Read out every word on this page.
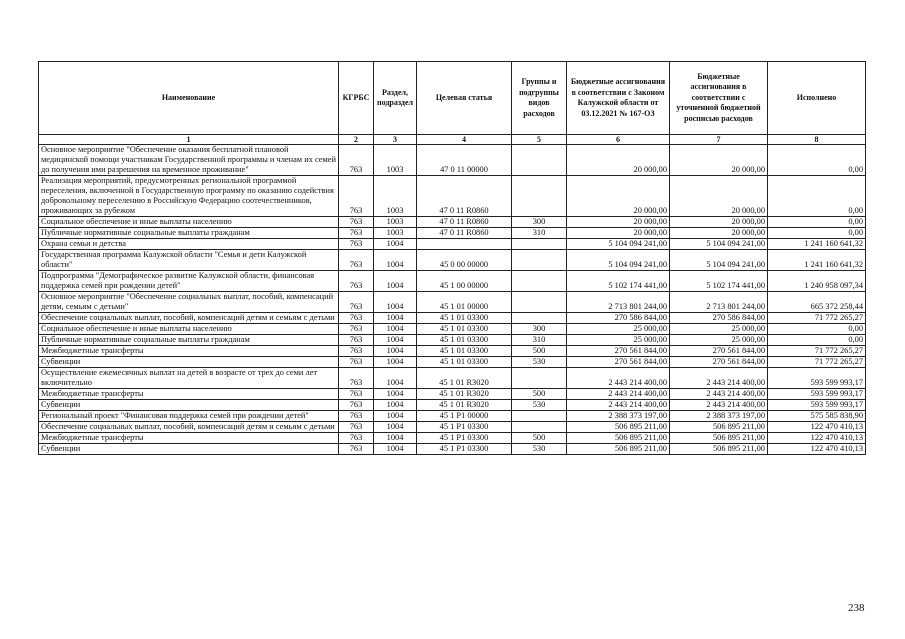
Наименование	КГРБС	Раздел, подраздел	Целевая статья	Группы и подгруппы видов расходов	Бюджетные ассигнования в соответствии с Законом Калужской области от 03.12.2021 № 167-ОЗ	Бюджетные ассигнования в соответствии с уточненной бюджетной росписью расходов	Исполнено
1	2	3	4	5	6	7	8
Основное мероприятие "Обеспечение оказания бесплатной плановой медицинской помощи участникам Государственной программы и членам их семей до получения ими разрешения на временное проживание"	763	1003	47 0 11 00000		20 000,00	20 000,00	0,00
Реализация мероприятий, предусмотренных региональной программой переселения, включенной в Государственную программу по оказанию содействия добровольному переселению в Российскую Федерацию соотечественников, проживающих за рубежом	763	1003	47 0 11 R0860		20 000,00	20 000,00	0,00
Социальное обеспечение и иные выплаты населению	763	1003	47 0 11 R0860	300	20 000,00	20 000,00	0,00
Публичные нормативные социальные выплаты гражданам	763	1003	47 0 11 R0860	310	20 000,00	20 000,00	0,00
Охрана семьи и детства	763	1004			5 104 094 241,00	5 104 094 241,00	1 241 160 641,32
Государственная программа Калужской области "Семья и дети Калужской области"	763	1004	45 0 00 00000		5 104 094 241,00	5 104 094 241,00	1 241 160 641,32
Подпрограмма "Демографическое развитие Калужской области, финансовая поддержка семей при рождении детей"	763	1004	45 1 00 00000		5 102 174 441,00	5 102 174 441,00	1 240 958 097,34
Основное мероприятие "Обеспечение социальных выплат, пособий, компенсаций детям, семьям с детьми"	763	1004	45 1 01 00000		2 713 801 244,00	2 713 801 244,00	665 372 258,44
Обеспечение социальных выплат, пособий, компенсаций детям и семьям с детьми	763	1004	45 1 01 03300		270 586 844,00	270 586 844,00	71 772 265,27
Социальное обеспечение и иные выплаты населению	763	1004	45 1 01 03300	300	25 000,00	25 000,00	0,00
Публичные нормативные социальные выплаты гражданам	763	1004	45 1 01 03300	310	25 000,00	25 000,00	0,00
Межбюджетные трансферты	763	1004	45 1 01 03300	500	270 561 844,00	270 561 844,00	71 772 265,27
Субвенции	763	1004	45 1 01 03300	530	270 561 844,00	270 561 844,00	71 772 265,27
Осуществление ежемесячных выплат на детей в возрасте от трех до семи лет включительно	763	1004	45 1 01 R3020		2 443 214 400,00	2 443 214 400,00	593 599 993,17
Межбюджетные трансферты	763	1004	45 1 01 R3020	500	2 443 214 400,00	2 443 214 400,00	593 599 993,17
Субвенции	763	1004	45 1 01 R3020	530	2 443 214 400,00	2 443 214 400,00	593 599 993,17
Региональный проект "Финансовая поддержка семей при рождении детей"	763	1004	45 1 P1 00000		2 388 373 197,00	2 388 373 197,00	575 585 838,90
Обеспечение социальных выплат, пособий, компенсаций детям и семьям с детьми	763	1004	45 1 P1 03300		506 895 211,00	506 895 211,00	122 470 410,13
Межбюджетные трансферты	763	1004	45 1 P1 03300	500	506 895 211,00	506 895 211,00	122 470 410,13
Субвенции	763	1004	45 1 P1 03300	530	506 895 211,00	506 895 211,00	122 470 410,13
238
